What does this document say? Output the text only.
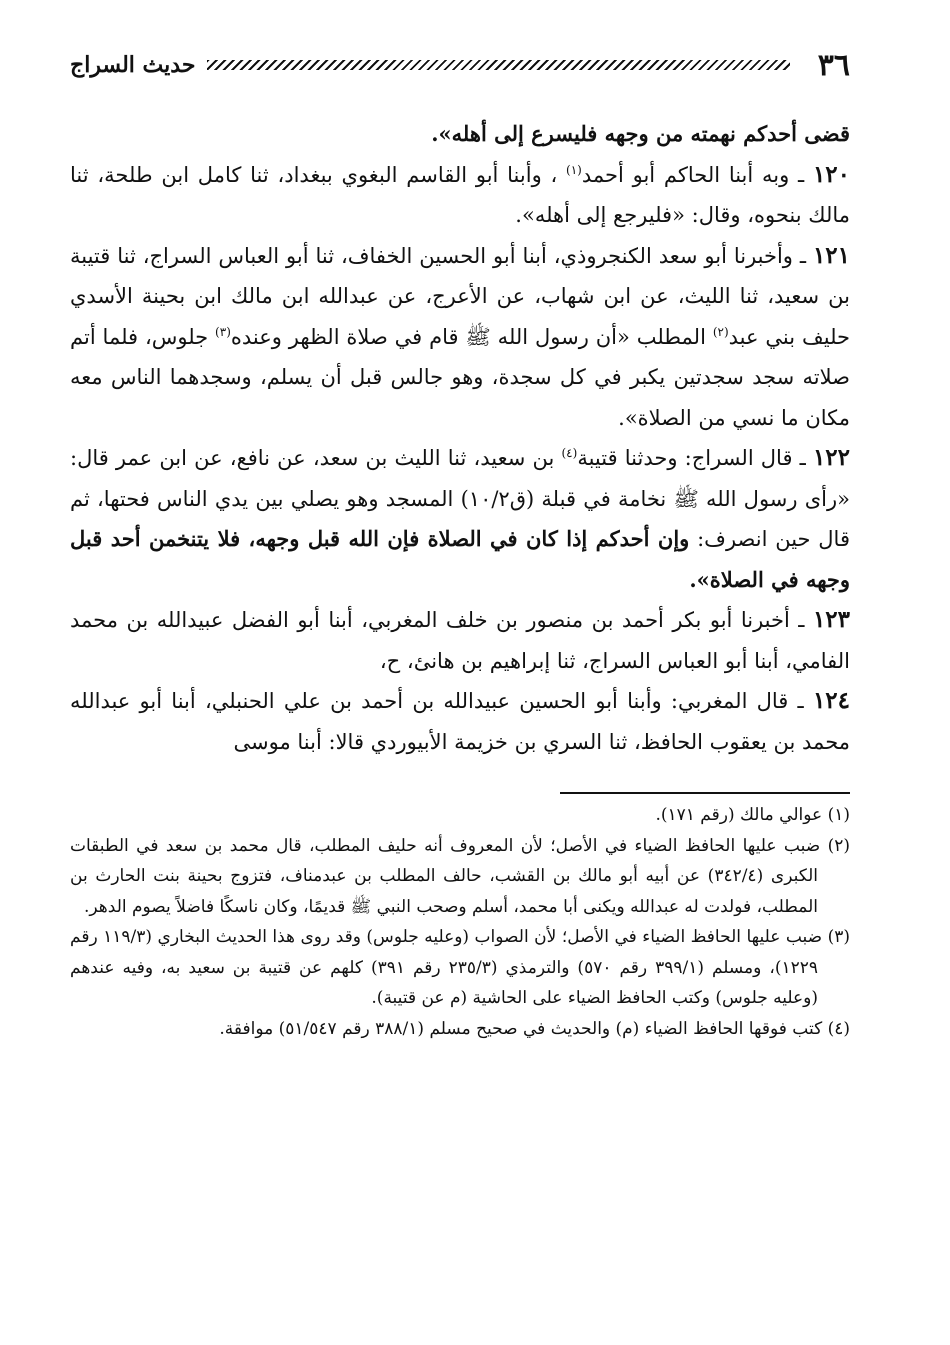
٣٦
حديث السراج

قضى أحدكم نهمته من وجهه فليسرع إلى أهله».

١٢٠ ـ وبه أبنا الحاكم أبو أحمد$^{(١)}$ ، وأبنا أبو القاسم البغوي ببغداد، ثنا كامل ابن طلحة، ثنا مالك بنحوه، وقال: «فليرجع إلى أهله».

١٢١ ـ وأخبرنا أبو سعد الكنجروذي، أبنا أبو الحسين الخفاف، ثنا أبو العباس السراج، ثنا قتيبة بن سعيد، ثنا الليث، عن ابن شهاب، عن الأعرج، عن عبدالله ابن مالك ابن بحينة الأسدي حليف بني عبد$^{(٢)}$ المطلب «أن رسول الله ﷺ قام في صلاة الظهر وعنده$^{(٣)}$ جلوس، فلما أتم صلاته سجد سجدتين يكبر في كل سجدة، وهو جالس قبل أن يسلم، وسجدهما الناس معه مكان ما نسي من الصلاة».

١٢٢ ـ قال السراج: وحدثنا قتيبة$^{(٤)}$ بن سعيد، ثنا الليث بن سعد، عن نافع، عن ابن عمر قال: «رأى رسول الله ﷺ نخامة في قبلة (ق١٠/٢) المسجد وهو يصلي بين يدي الناس فحتها، ثم قال حين انصرف: وإن أحدكم إذا كان في الصلاة فإن الله قبل وجهه، فلا يتنخمن أحد قبل وجهه في الصلاة».

١٢٣ ـ أخبرنا أبو بكر أحمد بن منصور بن خلف المغربي، أبنا أبو الفضل عبيدالله بن محمد الفامي، أبنا أبو العباس السراج، ثنا إبراهيم بن هانئ، ح،

١٢٤ ـ قال المغربي: وأبنا أبو الحسين عبيدالله بن أحمد بن علي الحنبلي، أبنا أبو عبدالله محمد بن يعقوب الحافظ، ثنا السري بن خزيمة الأبيوردي قالا: أبنا موسى

(١) عوالي مالك (رقم ١٧١).

(٢) ضبب عليها الحافظ الضياء في الأصل؛ لأن المعروف أنه حليف المطلب، قال محمد بن سعد في الطبقات الكبرى (٣٤٢/٤) عن أبيه أبو مالك بن القشب، حالف المطلب بن عبدمناف، فتزوج بحينة بنت الحارث بن المطلب، فولدت له عبدالله ويكنى أبا محمد، أسلم وصحب النبي ﷺ قديمًا، وكان ناسكًا فاضلاً يصوم الدهر.

(٣) ضبب عليها الحافظ الضياء في الأصل؛ لأن الصواب (وعليه جلوس) وقد روى هذا الحديث البخاري (١١٩/٣ رقم ١٢٢٩)، ومسلم (٣٩٩/١ رقم ٥٧٠) والترمذي (٢٣٥/٣ رقم ٣٩١) كلهم عن قتيبة بن سعيد به، وفيه عندهم (وعليه جلوس) وكتب الحافظ الضياء على الحاشية (م عن قتيبة).

(٤) كتب فوقها الحافظ الضياء (م) والحديث في صحيح مسلم (٣٨٨/١ رقم ٥١/٥٤٧) موافقة.
